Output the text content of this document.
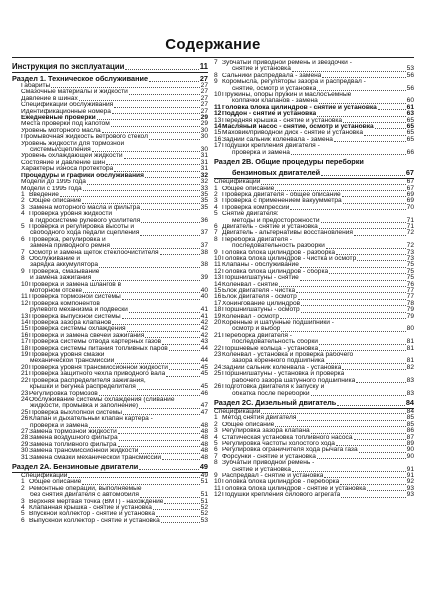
Содержание
Инструкция по эксплуатации	11
Раздел 1. Техническое обслуживание	27
Габариты	27
Смазочные материалы и жидкости	27
Давление в шинах	27
Спецификации обслуживания	27
Идентификационные номера	27
Ежедневные проверки	29
Места проверки под капотом	29
Уровень моторного масла	30
Промывочная жидкость ветрового стекол	30
Уровень жидкости для тормозной
системы/сцепления	30
Уровень охлаждающей жидкости	31
Состояние и давление шин	31
Характеры износа протектора	31
Процедуры и графики обслуживания	32
Модели до 1995 года	32
Модели с 1995 года	33
1 Введение	35
2 Общее описание	35
3 Замена моторного масла и фильтра	35
4 Проверка уровня жидкости
в гидросистеме рулевого усилителя	36
5 Проверка и регулировка высоты и
свободного хода педали сцепления	37
6 Проверка, регулировка и
замена приводного ремня	37
7 Осмотр и замена щеток стеклоочистителя	38
8 Обслуживание и
зарядка аккумулятора	38
9 Проверка, смазывание
и замена зажигания	39
10 Проверка и замена шлангов в
моторном отсеке	40
11 Проверка тормозной системы	40
12 Проверка компонентов
рулевого механизма и подвески	41
13 Проверка выпускной системы	41
14 Проверка зазора клапанов	42
15 Проверка системы охлаждения	42
16 Проверка и замена свечей зажигания	42
17 Проверка системы отвода картерных газов	43
18 Проверка системы питания топливных паров	44
19 Проверка уровня смазки
механической трансмиссии	44
20 Проверка уровня трансмиссионной жидкости	45
21 Проверка защитного чехла приводного вала	45
22 Проверка распределителя зажигания,
крышки и бегунка распределителя	45
23 Регулировка тормозов	46
24 Обслуживание системы охлаждения (сливание
жидкости, промывка и заполнение)	47
25 Проверка выхлопной системы	47
26 Клапан и дыхательный клапан картера -
проверка и замена	48
27 Замена тормозной жидкости	48
28 Замена воздушного фильтра	48
29 Замена топливного фильтра	48
30 Замена трансмиссионной жидкости	48
31 Замена смазки механической трансмиссии	48
Раздел 2А. Бензиновые двигатели	49
Спецификации	49
1 Общее описание	51
2 Ремонтные операции, выполняемые
без снятия двигателя с автомобиля	51
3 Верхняя мертвая точка (ВМТ) - нахождение	51
4 Клапанная крышка - снятие и установка	52
5 Впускной коллектор - снятие и установка	52
6 Выпускной коллектор - снятие и установка	53
7 Зубчатый приводной ремень и звездочки -
снятие и установка	53
8 Сальники распредвала - замена	56
9 Коромысла, регуляторы зазора и распредвал -
снятие, осмотр и установка	56
10 Пружины, опоры пружин и маслосъемные
колпачки клапанов - замена	60
11 Головка блока цилиндров - снятие и установка	61
12 Поддон - снятие и установка	63
13 Передняя крышка - снятие и установка	65
14 Масляный насос - снятие, осмотр и установка	65
15 Маховик/приводной диск - снятие и установка	65
16 Задний сальник коленвала - замена	65
17 Подушки крепления двигателя -
проверка и замена	66
Раздел 2В. Общие процедуры переборки
бензиновых двигателей	67
Спецификации	67
1 Общее описание	67
2 Проверка двигателя - общее описание	69
3 Проверка с применением вакуумметра	69
4 Проверка компрессии	70
5 Снятие двигателя:
методы и предосторожности	71
6 Двигатель - снятие и установка	71
7 Двигатель - альтернативы восстановления	72
8 Переборка двигателя -
последовательность разборки	72
9 Головка блока цилиндров - разборка	73
10 Головка блока цилиндров - чистка и осмотр	73
11 Клапаны - обслуживание	75
12 Головка блока цилиндров - сборка	75
13 Поршни/шатуны - снятие	75
14 Коленвал - снятие	76
15 Блок двигателя - чистка	77
16 Блок двигателя - осмотр	77
17 Хонингование цилиндров	78
18 Поршни/шатуны - осмотр	79
19 Коленвал - осмотр	79
20 Коренные и шатунные подшипники -
осмотр и выбор	80
21 Переборка двигателя -
последовательность сборки	81
22 Поршневые кольца - установка	81
23 Коленвал - установка и проверка рабочего
зазора коренного подшипника	81
24 Задний сальник коленвала - установка	82
25 Поршни/шатуны - установка и проверка
рабочего зазора шатунного подшипника	83
26 Подготовка двигателя к запуску и
обкатка после переборки	83
Раздел 2С. Дизельный двигатель	84
Спецификации	84
1 Метод снятия двигателя	85
2 Общее описание	85
3 Регулировка зазора клапана	86
4 Статическая установка топливного насоса	87
5 Регулировка частоты холостого хода	89
6 Регулировка ограничителя хода рычага газа	90
7 Форсунки - снятие и установка	90
8 Зубчатый приводной ремень -
снятие и установка	91
9 Распредвал - снятие и установка	91
10 Головка блока цилиндров - переборка	92
11 Головка блока цилиндров - снятие и установка	93
12 Подушки крепления силового агрегата	93
